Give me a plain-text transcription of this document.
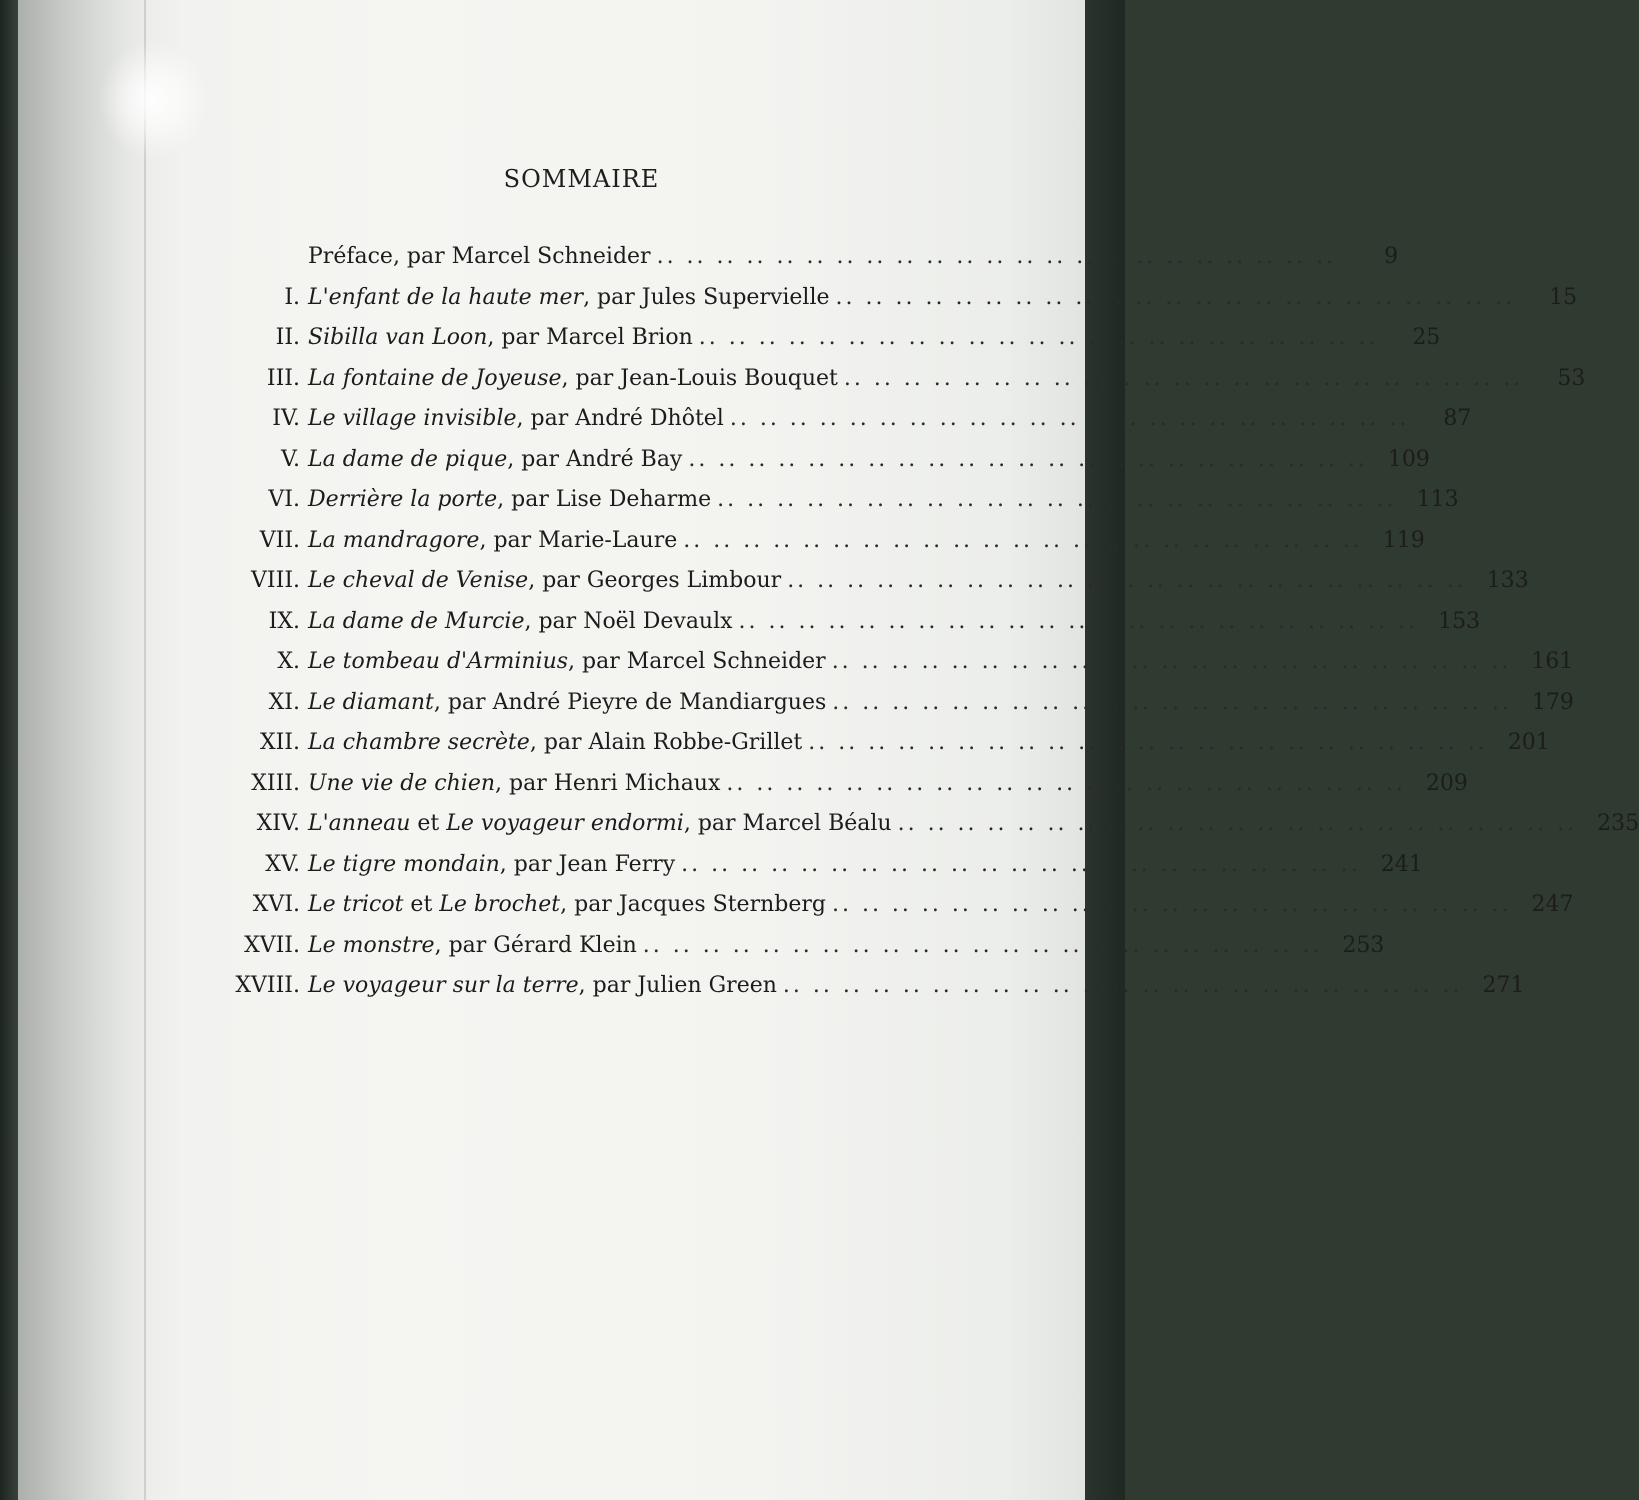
SOMMAIRE
Préface, par Marcel Schneider .. ..	9
I. L'enfant de la haute mer, par Jules Supervielle .. ..	15
II. Sibilla van Loon, par Marcel Brion .. ..	25
III. La fontaine de Joyeuse, par Jean-Louis Bouquet .. ..	53
IV. Le village invisible, par André Dhôtel .. ..	87
V. La dame de pique, par André Bay .. ..	109
VI. Derrière la porte, par Lise Deharme .. ..	113
VII. La mandragore, par Marie-Laure .. ..	119
VIII. Le cheval de Venise, par Georges Limbour .. ..	133
IX. La dame de Murcie, par Noël Devaulx .. ..	153
X. Le tombeau d'Arminius, par Marcel Schneider .. ..	161
XI. Le diamant, par André Pieyre de Mandiargues .. ..	179
XII. La chambre secrète, par Alain Robbe-Grillet .. ..	201
XIII. Une vie de chien, par Henri Michaux .. ..	209
XIV. L'anneau et Le voyageur endormi, par Marcel Béalu .. ..	235
XV. Le tigre mondain, par Jean Ferry .. ..	241
XVI. Le tricot et Le brochet, par Jacques Sternberg .. ..	247
XVII. Le monstre, par Gérard Klein .. ..	253
XVIII. Le voyageur sur la terre, par Julien Green .. ..	271
